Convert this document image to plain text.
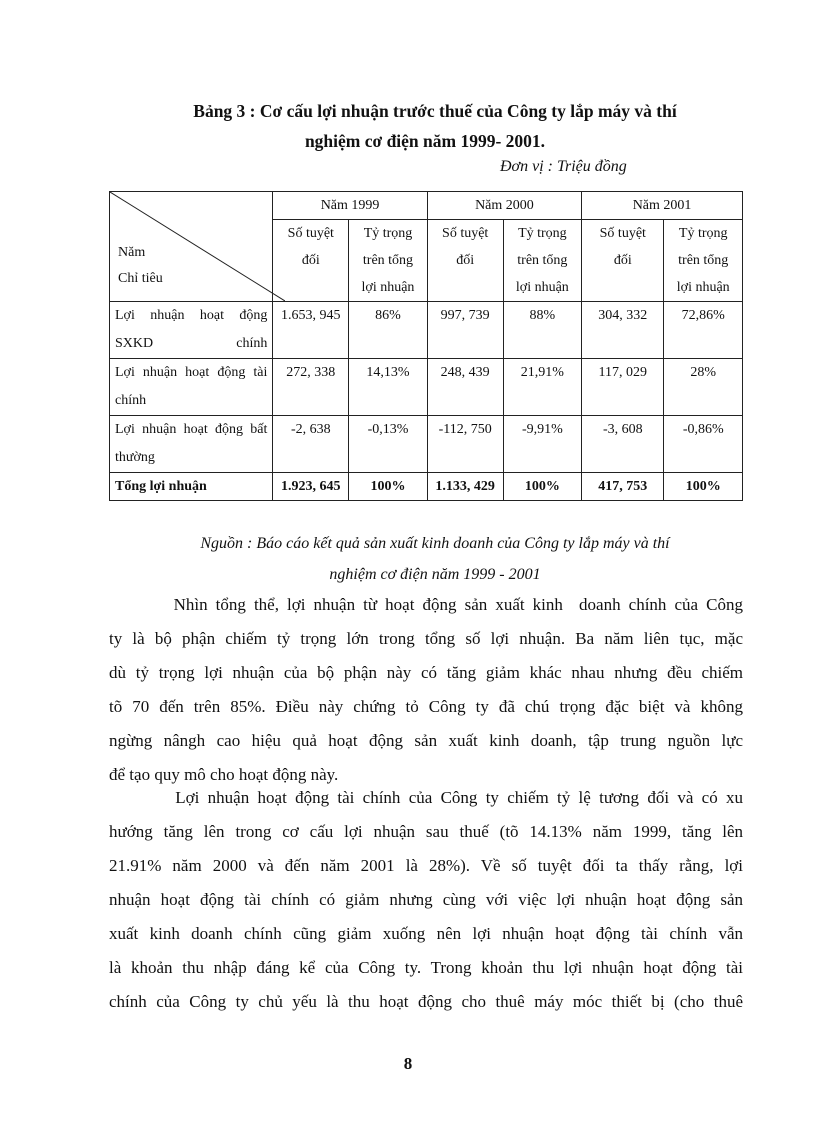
Bảng 3 : Cơ cấu lợi nhuận trước thuế của Công ty lắp máy và thí
nghiệm cơ điện năm 1999- 2001.
Đơn vị : Triệu đồng
Năm
Chỉ tiêu	Năm 1999		Năm 2000		Năm 2001	
	Số tuyệt đối	Tỷ trọng trên tổng lợi nhuận	Số tuyệt đối	Tỷ trọng trên tổng lợi nhuận	Số tuyệt đối	Tỷ trọng trên tổng lợi nhuận
Lợi nhuận hoạt động SXKD chính	1.653, 945	86%	997, 739	88%	304, 332	72,86%
Lợi nhuận hoạt động tài chính	272, 338	14,13%	248, 439	21,91%	117, 029	28%
Lợi nhuận hoạt động bất thường	-2, 638	-0,13%	-112, 750	-9,91%	-3, 608	-0,86%
Tổng lợi nhuận	1.923, 645	100%	1.133, 429	100%	417, 753	100%
Nguồn : Báo cáo kết quả sản xuất kinh doanh của Công ty lắp máy và thí
nghiệm cơ điện năm 1999 - 2001
Nhìn tổng thể, lợi nhuận từ hoạt động sản xuất kinh  doanh chính của Công
ty là bộ phận chiếm tỷ trọng lớn trong tổng số lợi nhuận. Ba năm liên tục, mặc
dù tỷ trọng lợi nhuận của bộ phận này có tăng giảm khác nhau nhưng đều chiếm
tõ 70 đến trên 85%. Điều này chứng tỏ Công ty đã chú trọng đặc biệt và không
ngừng nângh cao hiệu quả hoạt động sản xuất kinh doanh, tập trung nguồn lực
để tạo quy mô cho hoạt động này.
Lợi nhuận hoạt động tài chính của Công ty chiếm tỷ lệ tương đối và có xu
hướng tăng lên trong cơ cấu lợi nhuận sau thuế (tõ 14.13% năm 1999, tăng lên
21.91% năm 2000 và đến năm 2001 là 28%). Về số tuyệt đối ta thấy rằng, lợi
nhuận hoạt động tài chính có giảm nhưng cùng với việc lợi nhuận hoạt động sản
xuất kinh doanh chính cũng giảm xuống nên lợi nhuận hoạt động tài chính vẫn
là khoản thu nhập đáng kể của Công ty. Trong khoản thu lợi nhuận hoạt động tài
chính của Công ty chủ yếu là thu hoạt động cho thuê máy móc thiết bị (cho thuê
8
